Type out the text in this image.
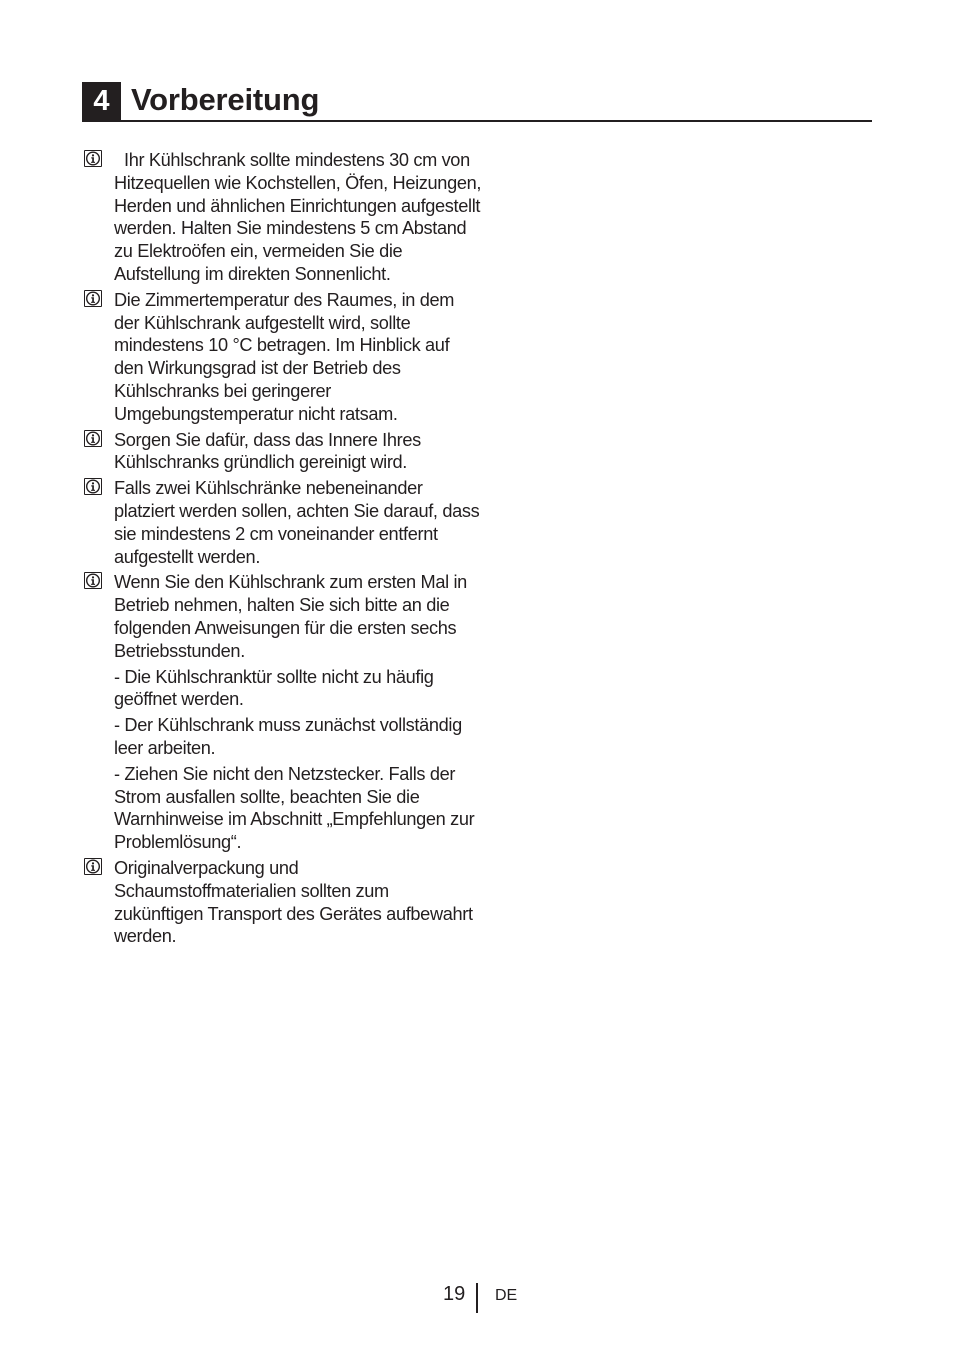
4 Vorbereitung

Ihr Kühlschrank sollte mindestens 30 cm von Hitzequellen wie Kochstellen, Öfen, Heizungen, Herden und ähnlichen Einrichtungen aufgestellt werden. Halten Sie mindestens 5 cm Abstand zu Elektroöfen ein, vermeiden Sie die Aufstellung im direkten Sonnenlicht.

Die Zimmertemperatur des Raumes, in dem der Kühlschrank aufgestellt wird, sollte mindestens 10 °C betragen. Im Hinblick auf den Wirkungsgrad ist der Betrieb des Kühlschranks bei geringerer Umgebungstemperatur nicht ratsam.

Sorgen Sie dafür, dass das Innere Ihres Kühlschranks gründlich gereinigt wird.

Falls zwei Kühlschränke nebeneinander platziert werden sollen, achten Sie darauf, dass sie mindestens 2 cm voneinander entfernt aufgestellt werden.

Wenn Sie den Kühlschrank zum ersten Mal in Betrieb nehmen, halten Sie sich bitte an die folgenden Anweisungen für die ersten sechs Betriebsstunden.

- Die Kühlschranktür sollte nicht zu häufig geöffnet werden.

- Der Kühlschrank muss zunächst vollständig leer arbeiten.

- Ziehen Sie nicht den Netzstecker. Falls der Strom ausfallen sollte, beachten Sie die Warnhinweise im Abschnitt „Empfehlungen zur Problemlösung“.

Originalverpackung und Schaumstoffmaterialien sollten zum zukünftigen Transport des Gerätes aufbewahrt werden.

19 DE
